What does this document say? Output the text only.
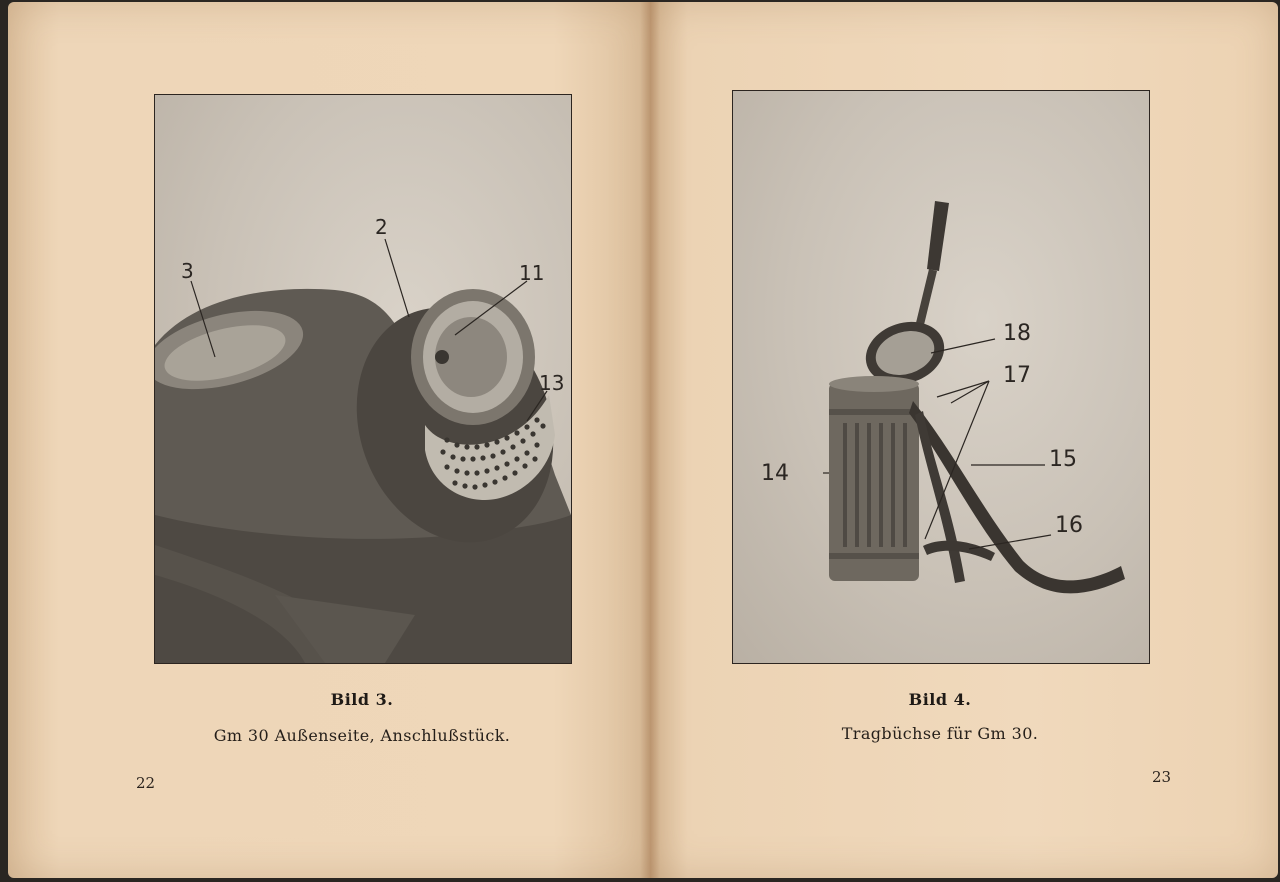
3
2
11
13
Bild 3.
Gm 30 Außenseite, Anschlußstück.
22
18
17
14
15
16
Bild 4.
Tragbüchse für Gm 30.
23
